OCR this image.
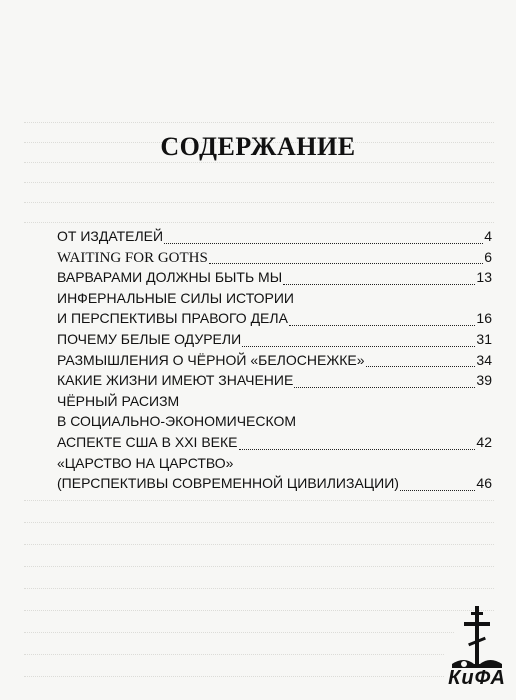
СОДЕРЖАНИЕ
ОТ ИЗДАТЕЛЕЙ	4
WAITING FOR GOTHS	6
ВАРВАРАМИ ДОЛЖНЫ БЫТЬ МЫ	13
ИНФЕРНАЛЬНЫЕ СИЛЫ ИСТОРИИ
И ПЕРСПЕКТИВЫ ПРАВОГО ДЕЛА	16
ПОЧЕМУ БЕЛЫЕ ОДУРЕЛИ	31
РАЗМЫШЛЕНИЯ О ЧЁРНОЙ «БЕЛОСНЕЖКЕ»	34
КАКИЕ ЖИЗНИ ИМЕЮТ ЗНАЧЕНИЕ	39
ЧЁРНЫЙ РАСИЗМ
В СОЦИАЛЬНО-ЭКОНОМИЧЕСКОМ
АСПЕКТЕ США В XXI ВЕКЕ	42
«ЦАРСТВО НА ЦАРСТВО»
(ПЕРСПЕКТИВЫ СОВРЕМЕННОЙ ЦИВИЛИЗАЦИИ)	46
КиФА
